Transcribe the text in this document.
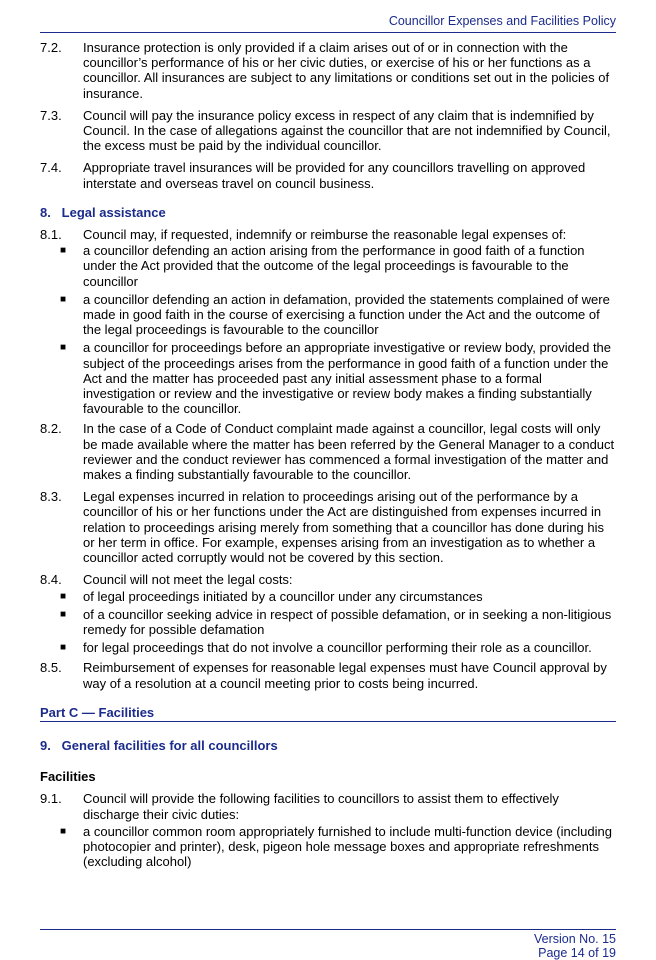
Councillor Expenses and Facilities Policy
7.2.	Insurance protection is only provided if a claim arises out of or in connection with the councillor’s performance of his or her civic duties, or exercise of his or her functions as a councillor. All insurances are subject to any limitations or conditions set out in the policies of insurance.
7.3.	Council will pay the insurance policy excess in respect of any claim that is indemnified by Council. In the case of allegations against the councillor that are not indemnified by Council, the excess must be paid by the individual councillor.
7.4.	Appropriate travel insurances will be provided for any councillors travelling on approved interstate and overseas travel on council business.
8.   Legal assistance
8.1.	Council may, if requested, indemnify or reimburse the reasonable legal expenses of:
■	a councillor defending an action arising from the performance in good faith of a function under the Act provided that the outcome of the legal proceedings is favourable to the councillor
■	a councillor defending an action in defamation, provided the statements complained of were made in good faith in the course of exercising a function under the Act and the outcome of the legal proceedings is favourable to the councillor
■	a councillor for proceedings before an appropriate investigative or review body, provided the subject of the proceedings arises from the performance in good faith of a function under the Act and the matter has proceeded past any initial assessment phase to a formal investigation or review and the investigative or review body makes a finding substantially favourable to the councillor.
8.2.	In the case of a Code of Conduct complaint made against a councillor, legal costs will only be made available where the matter has been referred by the General Manager to a conduct reviewer and the conduct reviewer has commenced a formal investigation of the matter and makes a finding substantially favourable to the councillor.
8.3.	Legal expenses incurred in relation to proceedings arising out of the performance by a councillor of his or her functions under the Act are distinguished from expenses incurred in relation to proceedings arising merely from something that a councillor has done during his or her term in office. For example, expenses arising from an investigation as to whether a councillor acted corruptly would not be covered by this section.
8.4.	Council will not meet the legal costs:
■	of legal proceedings initiated by a councillor under any circumstances
■	of a councillor seeking advice in respect of possible defamation, or in seeking a non-litigious remedy for possible defamation
■	for legal proceedings that do not involve a councillor performing their role as a councillor.
8.5.	Reimbursement of expenses for reasonable legal expenses must have Council approval by way of a resolution at a council meeting prior to costs being incurred.
Part C — Facilities
9.   General facilities for all councillors
Facilities
9.1.	Council will provide the following facilities to councillors to assist them to effectively discharge their civic duties:
■	a councillor common room appropriately furnished to include multi-function device (including photocopier and printer), desk, pigeon hole message boxes and appropriate refreshments (excluding alcohol)
Version No. 15
Page 14 of 19
